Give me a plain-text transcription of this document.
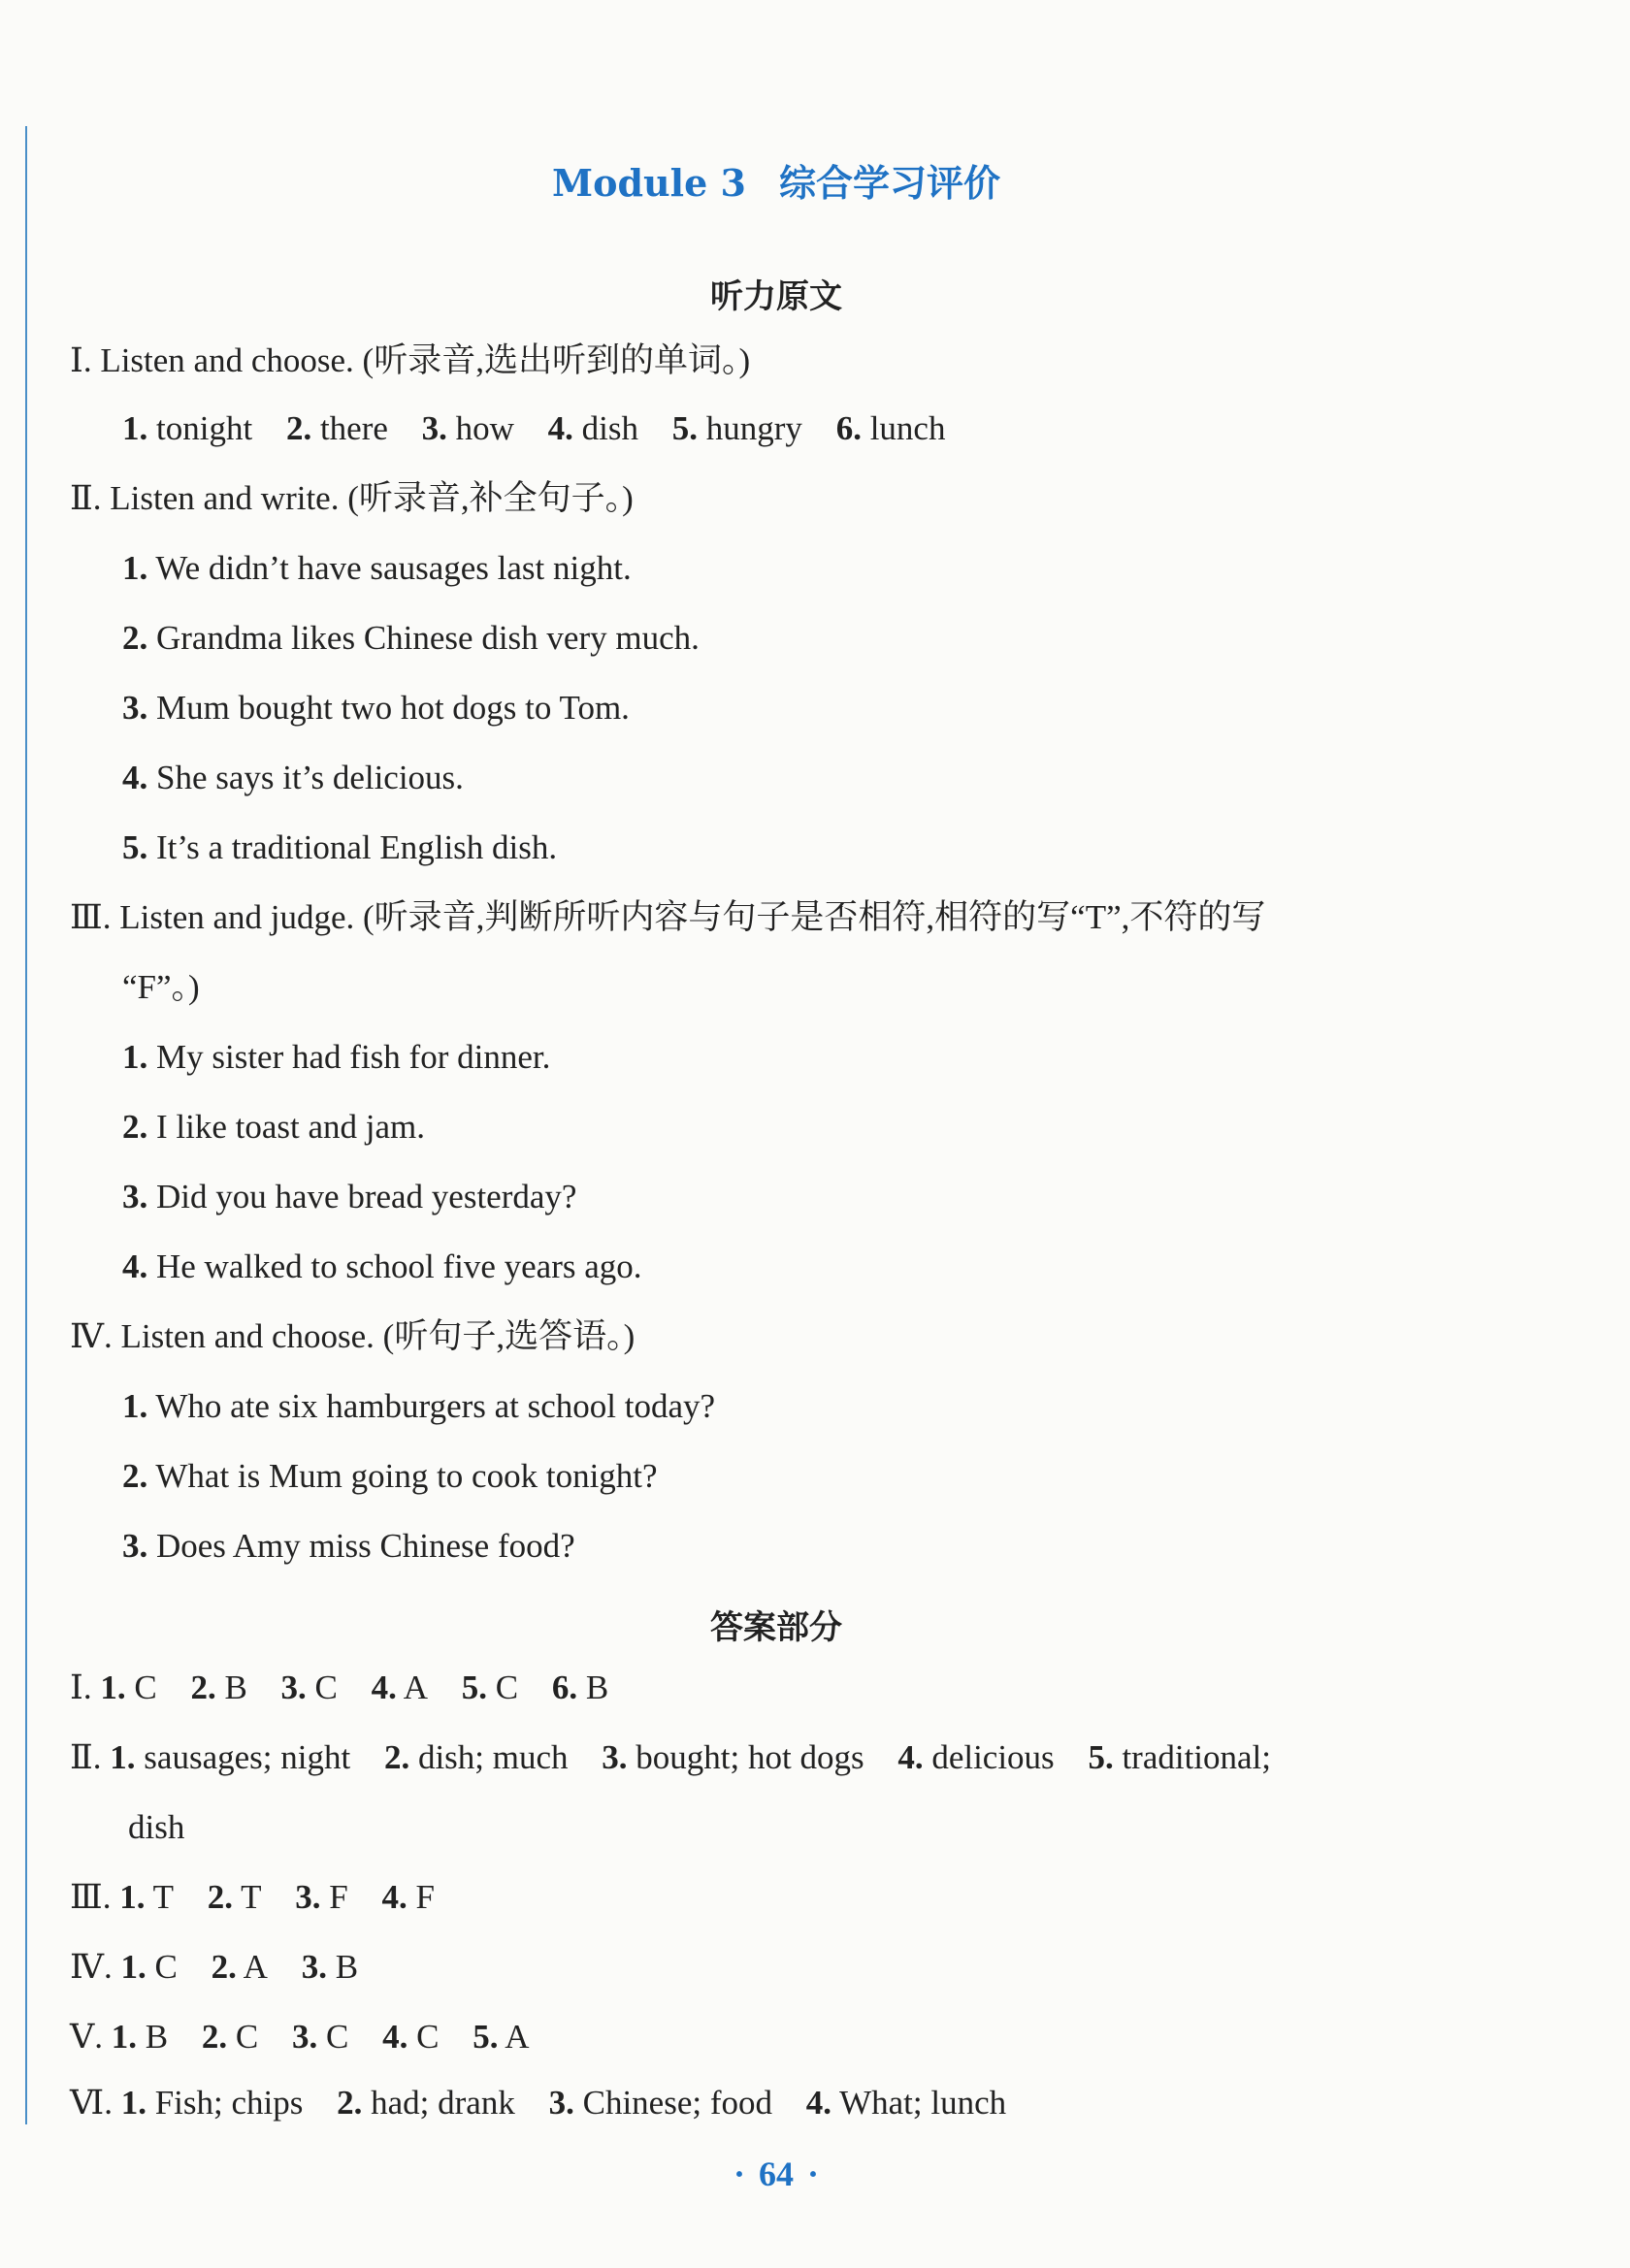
Module 3 综合学习评价
听力原文
Ⅰ. Listen and choose. (听录音,选出听到的单词。)
1. tonight 2. there 3. how 4. dish 5. hungry 6. lunch
Ⅱ. Listen and write. (听录音,补全句子。)
1. We didn’t have sausages last night.
2. Grandma likes Chinese dish very much.
3. Mum bought two hot dogs to Tom.
4. She says it’s delicious.
5. It’s a traditional English dish.
Ⅲ. Listen and judge. (听录音,判断所听内容与句子是否相符,相符的写“T”,不符的写
“F”。)
1. My sister had fish for dinner.
2. I like toast and jam.
3. Did you have bread yesterday?
4. He walked to school five years ago.
Ⅳ. Listen and choose. (听句子,选答语。)
1. Who ate six hamburgers at school today?
2. What is Mum going to cook tonight?
3. Does Amy miss Chinese food?
答案部分
Ⅰ. 1. C 2. B 3. C 4. A 5. C 6. B
Ⅱ. 1. sausages; night 2. dish; much 3. bought; hot dogs 4. delicious 5. traditional;
dish
Ⅲ. 1. T 2. T 3. F 4. F
Ⅳ. 1. C 2. A 3. B
Ⅴ. 1. B 2. C 3. C 4. C 5. A
Ⅵ. 1. Fish; chips 2. had; drank 3. Chinese; food 4. What; lunch
· 64 ·
